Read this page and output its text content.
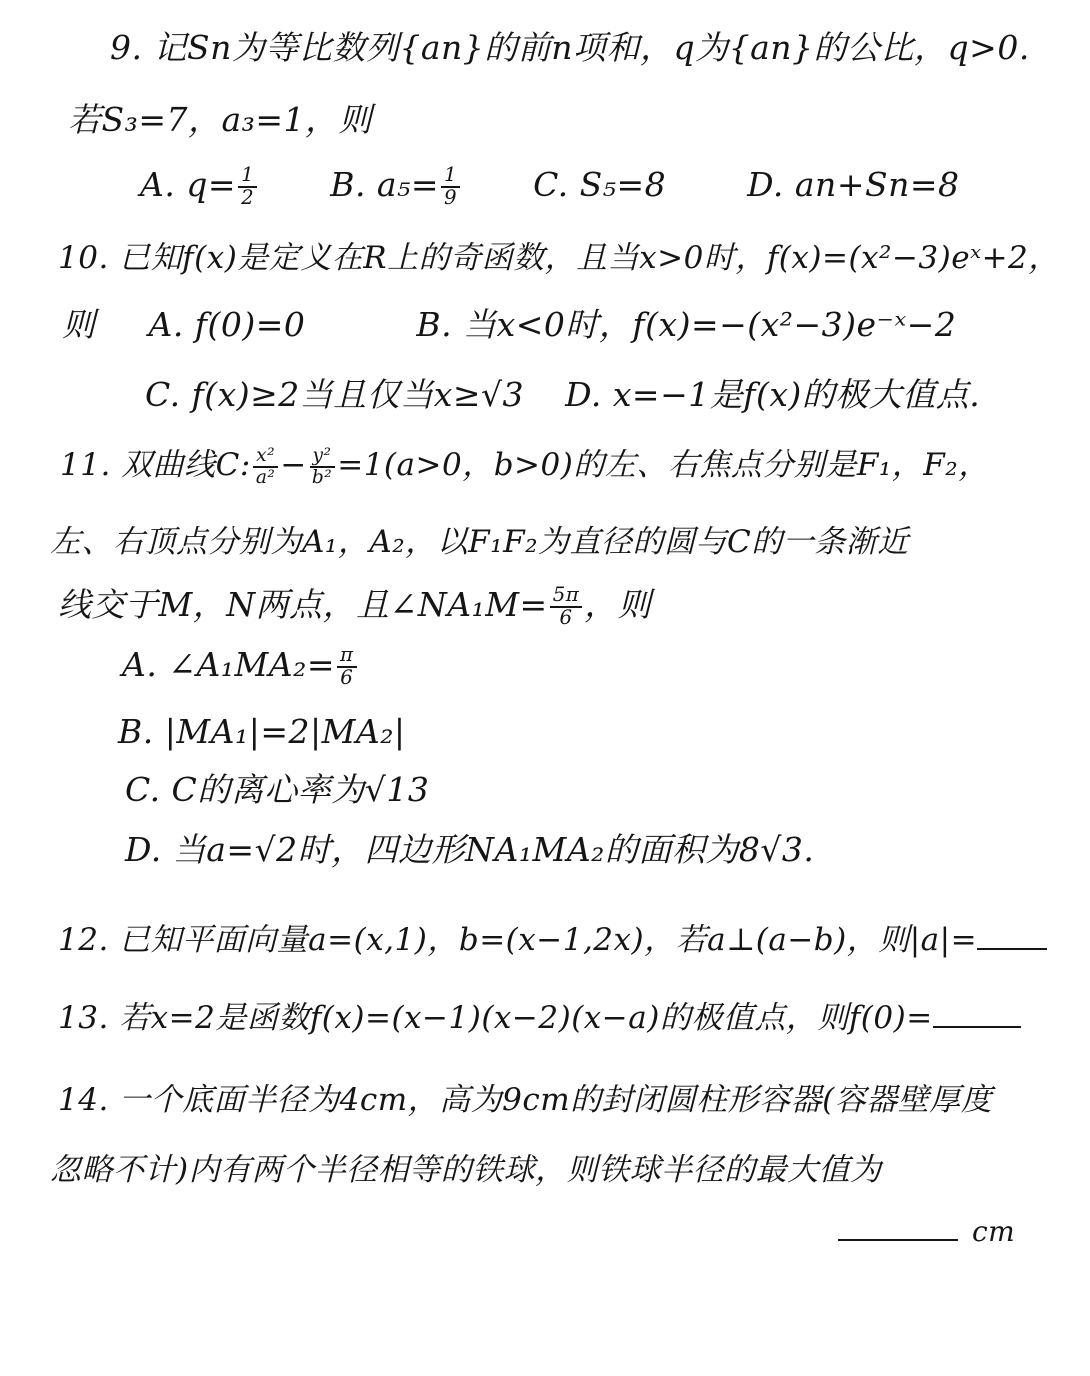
9. 记Sn为等比数列{an}的前n项和，q为{an}的公比，q>0.
若S₃=7，a₃=1，则
A. $q= \frac{1}{2} B$. $a_5= \frac{1}{9} C$. S₅=8 D. an+Sn=8
10. 已知f(x)是定义在R上的奇函数，且当x>0时，f(x)=(x²−3)eˣ+2，
则 A. f(0)=0	B. 当x<0时，f(x)=−(x²−3)e⁻ˣ−2
C. f(x)≥2当且仅当x≥√3 D. x=−1是f(x)的极大值点.
11. 双曲线C: $\frac{\text{x²}}{\text{a²}} - \frac{\text{y²}}{\text{b²}} =1(a>0$，b>0)的左、右焦点分别是F₁，F₂，
左、右顶点分别为A₁，A₂，以F₁F₂为直径的圆与C的一条渐近
线交于M，N两点，且∠NA₁M= $\frac{5\pi}{6}$ ，则
A. ∠A₁MA₂= $\frac{\pi}{6}$
B. |MA₁|=2|MA₂|
C. C的离心率为√13
D. 当a=√2时，四边形NA₁MA₂的面积为8√3.
12. 已知平面向量a=(x,1)，b=(x−1,2x)，若a⊥(a−b)，则|a|=
13. 若x=2是函数f(x)=(x−1)(x−2)(x−a)的极值点，则f(0)=
14. 一个底面半径为4cm，高为9cm的封闭圆柱形容器(容器壁厚度
忽略不计)内有两个半径相等的铁球，则铁球半径的最大值为
cm
